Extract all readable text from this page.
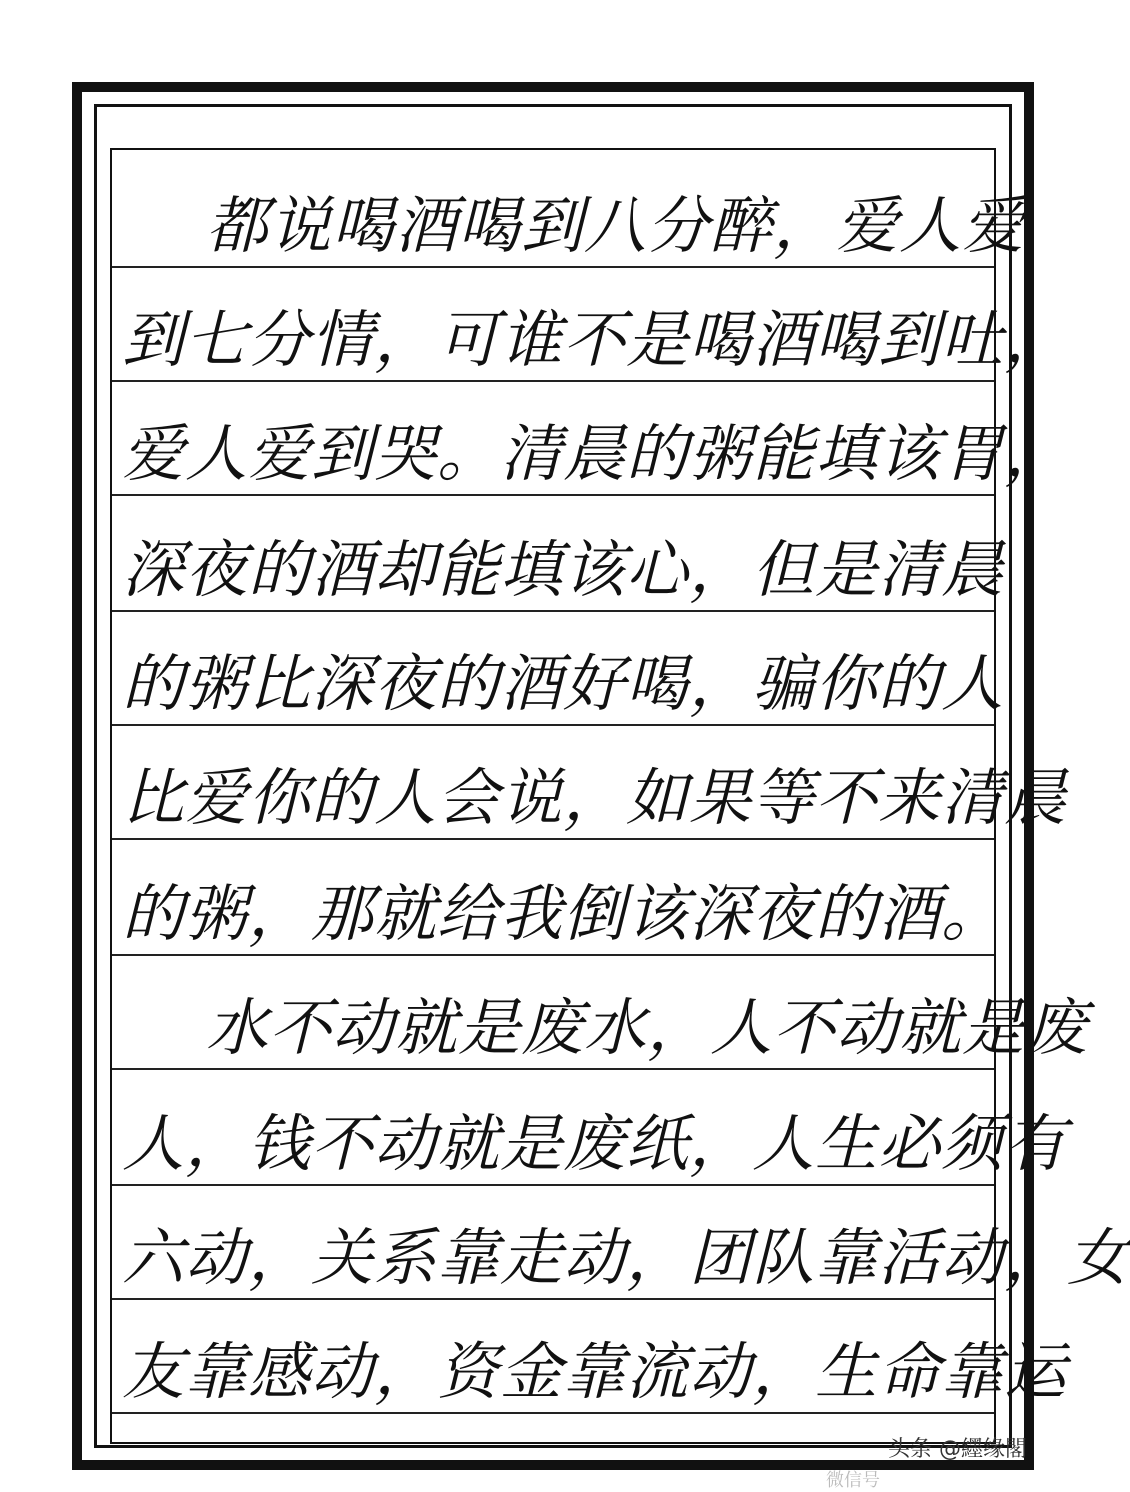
都说喝酒喝到八分醉，爱人爱
到七分情，可谁不是喝酒喝到吐，
爱人爱到哭。清晨的粥能填该胃，
深夜的酒却能填该心，但是清晨
的粥比深夜的酒好喝，骗你的人
比爱你的人会说，如果等不来清晨
的粥，那就给我倒该深夜的酒。
水不动就是废水，人不动就是废
人，钱不动就是废纸，人生必须有
六动，关系靠走动，团队靠活动，女
友靠感动，资金靠流动，生命靠运
头条 @纆缘閣
微信号
